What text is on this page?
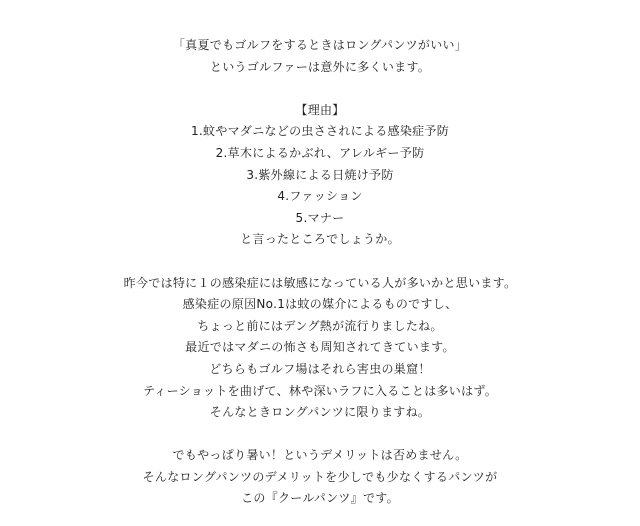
「真夏でもゴルフをするときはロングパンツがいい」
というゴルファーは意外に多くいます。
【理由】
1.蚊やマダニなどの虫さされによる感染症予防
2.草木によるかぶれ、アレルギー予防
3.紫外線による日焼け予防
4.ファッション
5.マナー
と言ったところでしょうか。
昨今では特に１の感染症には敏感になっている人が多いかと思います。
感染症の原因No.1は蚊の媒介によるものですし、
ちょっと前にはデング熱が流行りましたね。
最近ではマダニの怖さも周知されてきています。
どちらもゴルフ場はそれら害虫の巣窟！
ティーショットを曲げて、林や深いラフに入ることは多いはず。
そんなときロングパンツに限りますね。
でもやっぱり暑い！というデメリットは否めません。
そんなロングパンツのデメリットを少しでも少なくするパンツが
この『クールパンツ』です。
